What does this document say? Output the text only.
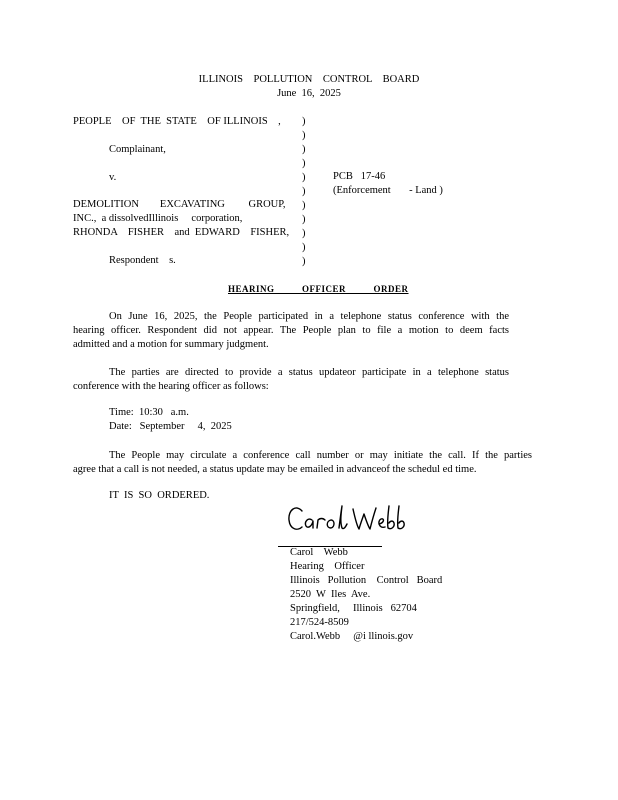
ILLINOIS    POLLUTION    CONTROL    BOARD
June  16,  2025
PEOPLE    OF  THE  STATE    OF ILLINOIS    ,
Complainant,
v.
DEMOLITION        EXCAVATING         GROUP,
INC.,  a dissolvedIllinois     corporation,
RHONDA    FISHER    and  EDWARD    FISHER,
Respondent    s.
)
)
)
)
)
)
)
)
)
)
)
PCB   17-46
(Enforcement       - Land )
HEARING          OFFICER          ORDER
On June 16, 2025, the People participated in a telephone status conference with the
hearing officer. Respondent did not appear. The People plan to file a motion to deem facts
admitted and a motion for summary judgment.
The parties are directed to provide a status updateor participate in a telephone status
conference with the hearing officer as follows:
Time:  10:30   a.m.
Date:   September     4,  2025
The People may circulate a conference call number or may initiate the call. If the parties
agree that a call is not needed, a status update may be emailed in advanceof the schedul ed time.
IT  IS  SO  ORDERED.
Carol    Webb
Hearing    Officer
Illinois   Pollution    Control   Board
2520  W  Iles  Ave.
Springfield,     Illinois   62704
217/524-8509
Carol.Webb     @i llinois.gov
